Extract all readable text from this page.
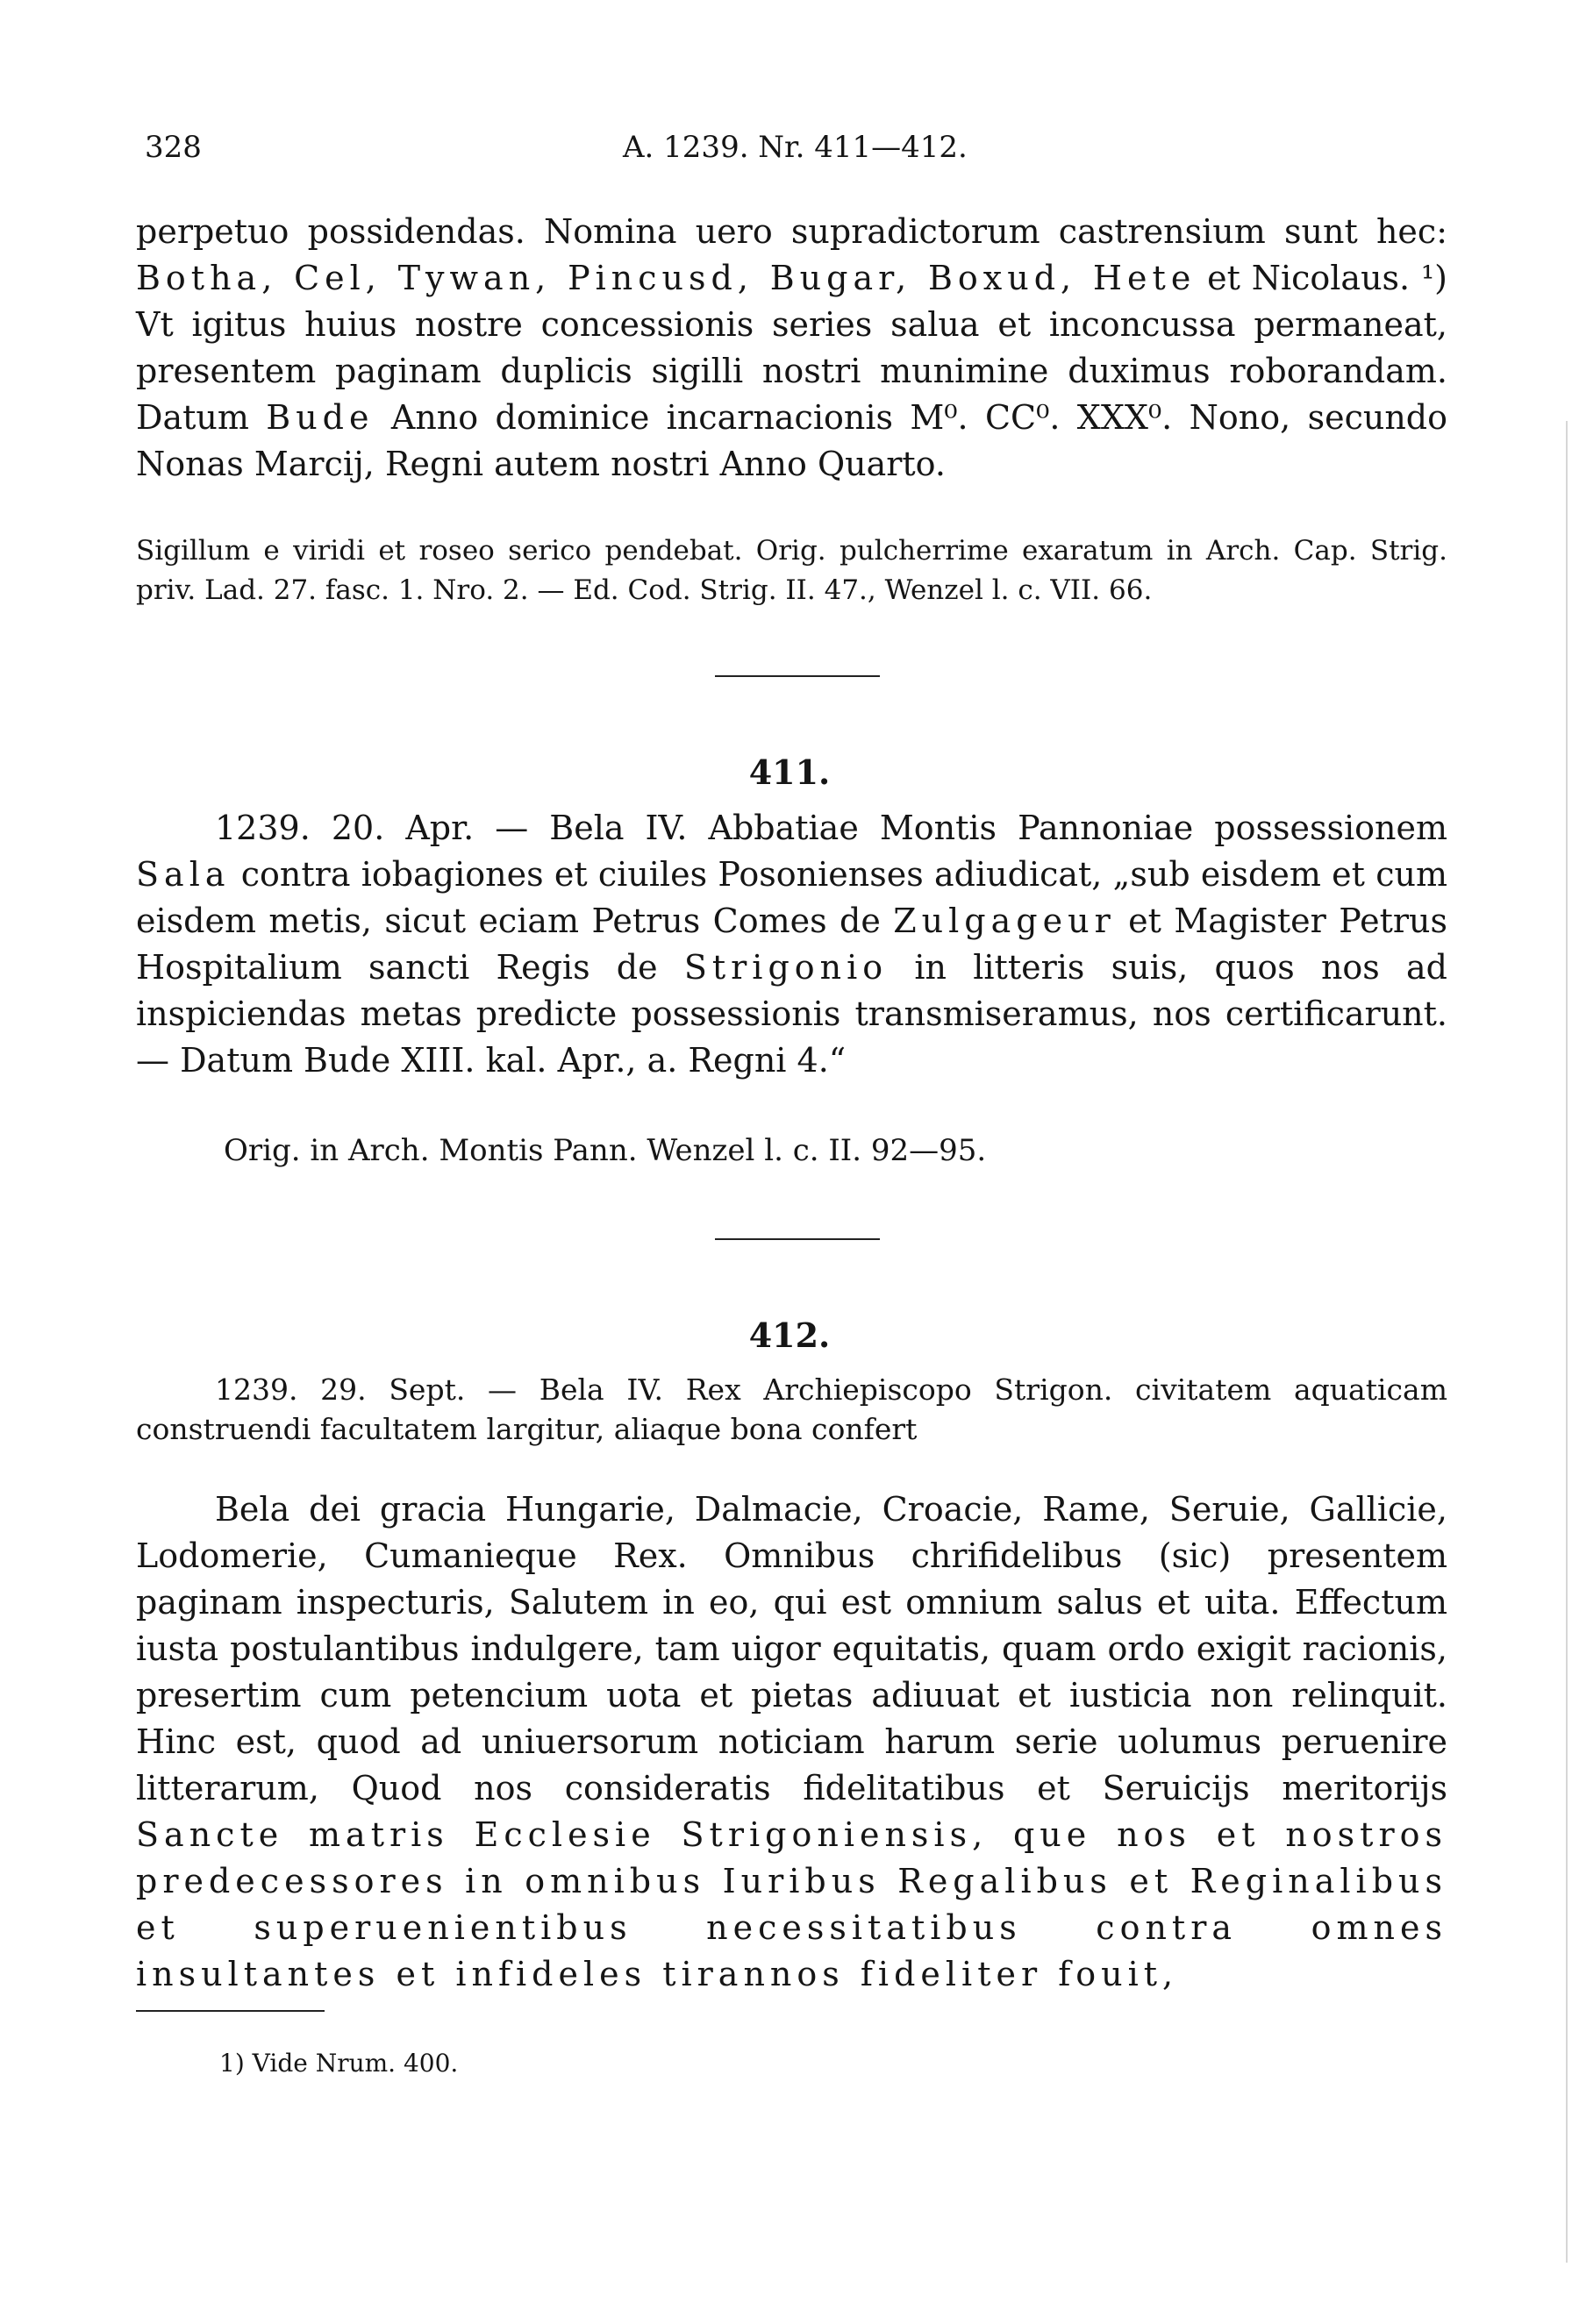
328	A. 1239. Nr. 411—412.
perpetuo possidendas. Nomina uero supradictorum castrensium sunt hec: Botha, Cel, Tywan, Pincusd, Bugar, Boxud, Hete et Nicolaus. ¹) Vt igitus huius nostre concessionis series salua et inconcussa permaneat, presentem paginam duplicis sigilli nostri munimine duximus roborandam. Datum Bude Anno dominice incarnacionis M⁰. CC⁰. XXX⁰. Nono, secundo Nonas Marcij, Regni autem nostri Anno Quarto.
Sigillum e viridi et roseo serico pendebat. Orig. pulcherrime exaratum in Arch. Cap. Strig. priv. Lad. 27. fasc. 1. Nro. 2. — Ed. Cod. Strig. II. 47., Wenzel l. c. VII. 66.
411.
1239. 20. Apr. — Bela IV. Abbatiae Montis Pannoniae possessionem Sala contra iobagiones et ciuiles Posonienses adiudicat, „sub eisdem et cum eisdem metis, sicut eciam Petrus Comes de Zulgageur et Magister Petrus Hospitalium sancti Regis de Strigonio in litteris suis, quos nos ad inspiciendas metas predicte possessionis transmiseramus, nos certificarunt. — Datum Bude XIII. kal. Apr., a. Regni 4.“
Orig. in Arch. Montis Pann. Wenzel l. c. II. 92—95.
412.
1239. 29. Sept. — Bela IV. Rex Archiepiscopo Strigon. civitatem aquaticam construendi facultatem largitur, aliaque bona confert
Bela dei gracia Hungarie, Dalmacie, Croacie, Rame, Seruie, Gallicie, Lodomerie, Cumanieque Rex. Omnibus chrifidelibus (sic) presentem paginam inspecturis, Salutem in eo, qui est omnium salus et uita. Effectum iusta postulantibus indulgere, tam uigor equitatis, quam ordo exigit racionis, presertim cum petencium uota et pietas adiuuat et iusticia non relinquit. Hinc est, quod ad uniuersorum noticiam harum serie uolumus peruenire litterarum, Quod nos consideratis fidelitatibus et Seruicijs meritorijs Sancte matris Ecclesie Strigoniensis, que nos et nostros predecessores in omnibus Iuribus Regalibus et Reginalibus et superuenientibus necessitatibus contra omnes insultantes et infideles tirannos fideliter fouit,
1) Vide Nrum. 400.
